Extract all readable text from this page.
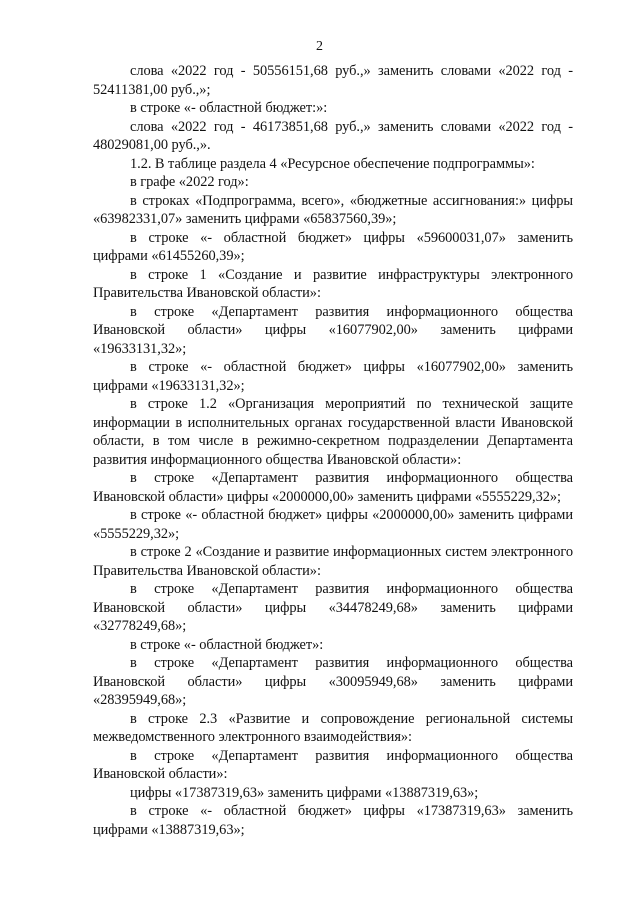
2

слова «2022 год - 50556151,68 руб.,» заменить словами «2022 год - 52411381,00 руб.,»;

в строке «- областной бюджет:»:

слова «2022 год - 46173851,68 руб.,» заменить словами «2022 год - 48029081,00 руб.,».

1.2. В таблице раздела 4 «Ресурсное обеспечение подпрограммы»:

в графе «2022 год»:

в строках «Подпрограмма, всего», «бюджетные ассигнования:» цифры «63982331,07» заменить цифрами «65837560,39»;

в строке «- областной бюджет» цифры «59600031,07» заменить цифрами «61455260,39»;

в строке 1 «Создание и развитие инфраструктуры электронного Правительства Ивановской области»:

в строке «Департамент развития информационного общества Ивановской области» цифры «16077902,00» заменить цифрами «19633131,32»;

в строке «- областной бюджет» цифры «16077902,00» заменить цифрами «19633131,32»;

в строке 1.2 «Организация мероприятий по технической защите информации в исполнительных органах государственной власти Ивановской области, в том числе в режимно-секретном подразделении Департамента развития информационного общества Ивановской области»:

в строке «Департамент развития информационного общества Ивановской области» цифры «2000000,00» заменить цифрами «5555229,32»;

в строке «- областной бюджет» цифры «2000000,00» заменить цифрами «5555229,32»;

в строке 2 «Создание и развитие информационных систем электронного Правительства Ивановской области»:

в строке «Департамент развития информационного общества Ивановской области» цифры «34478249,68» заменить цифрами «32778249,68»;

в строке «- областной бюджет»:

в строке «Департамент развития информационного общества Ивановской области» цифры «30095949,68» заменить цифрами «28395949,68»;

в строке 2.3 «Развитие и сопровождение региональной системы межведомственного электронного взаимодействия»:

в строке «Департамент развития информационного общества Ивановской области»:

цифры «17387319,63» заменить цифрами «13887319,63»;

в строке «- областной бюджет» цифры «17387319,63» заменить цифрами «13887319,63»;
